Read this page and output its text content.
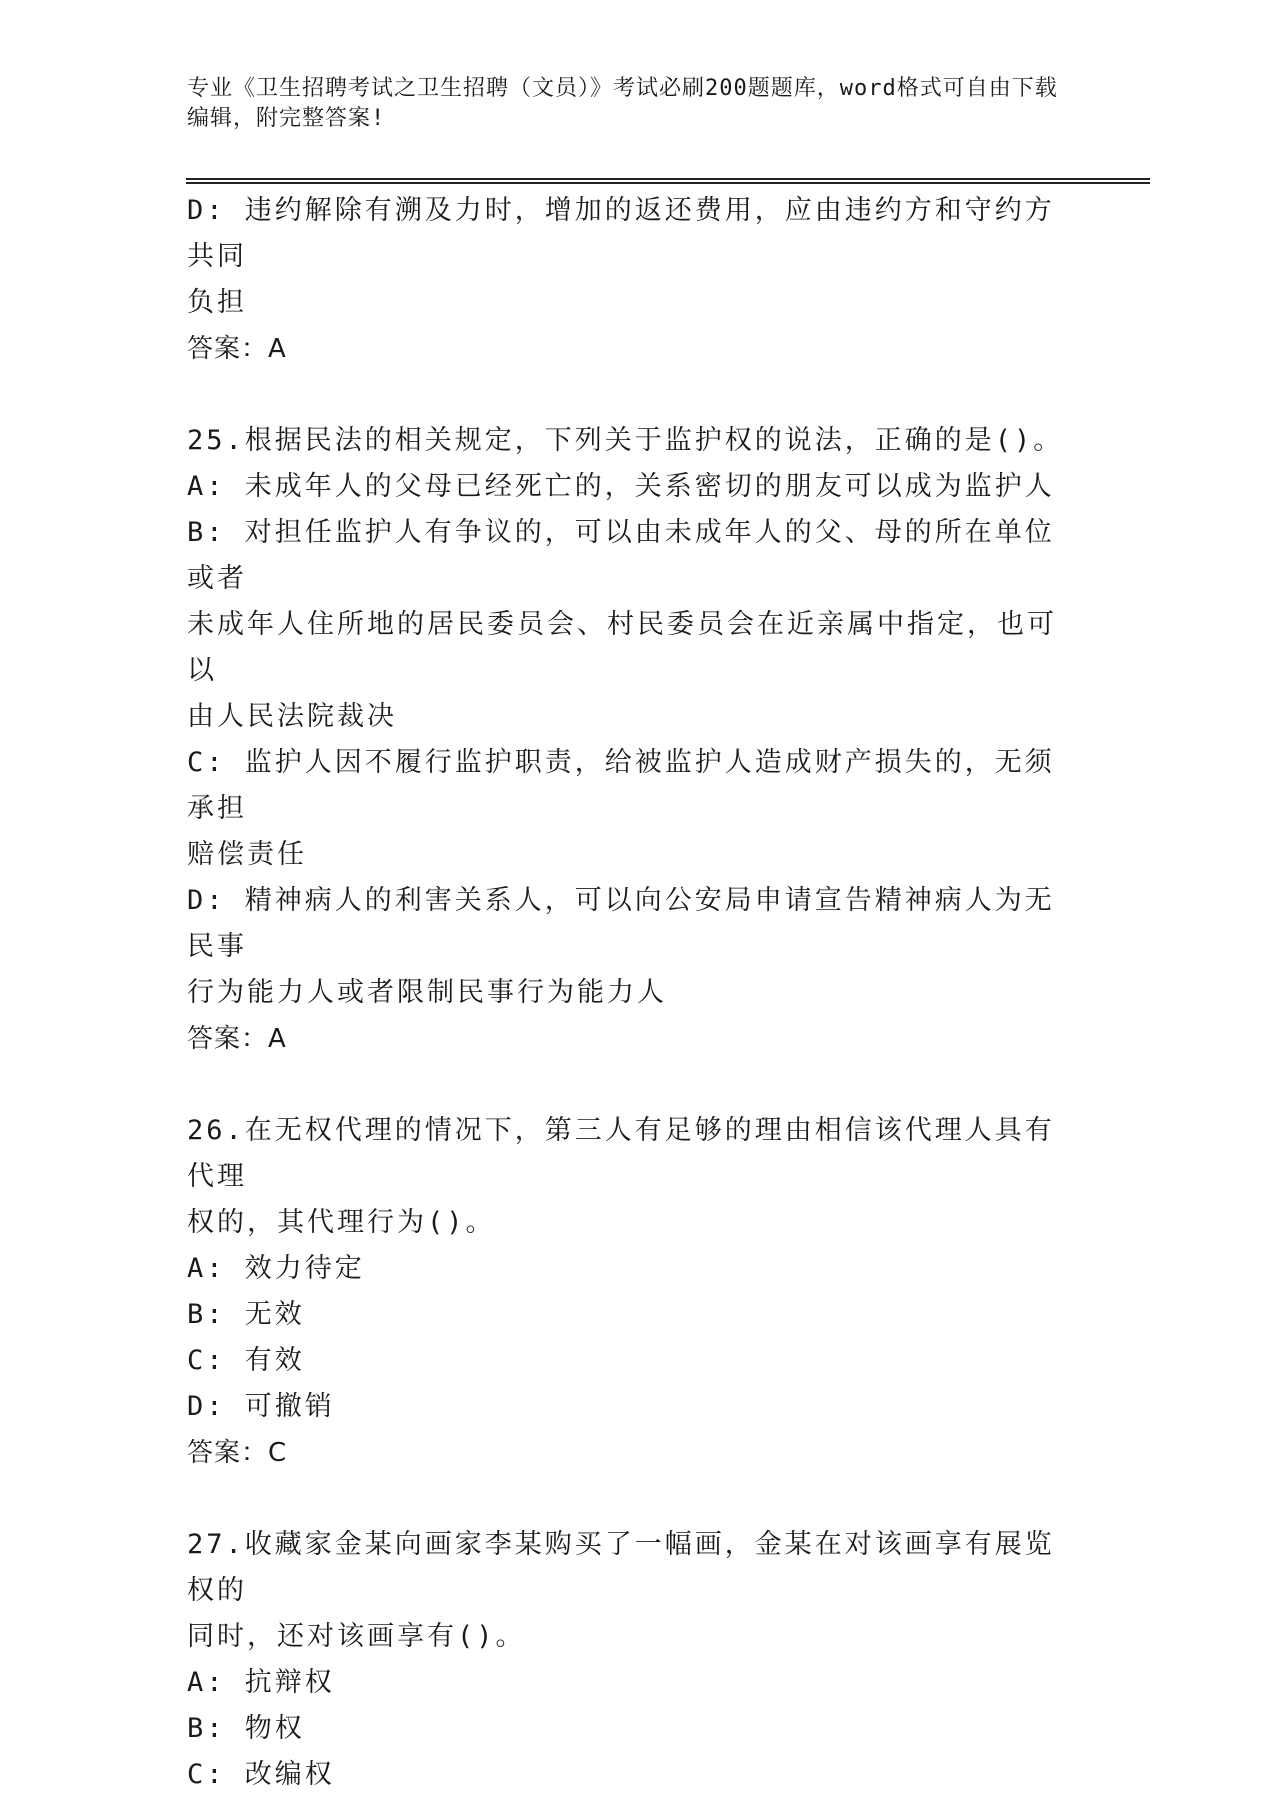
专业《卫生招聘考试之卫生招聘（文员）》考试必刷200题题库，word格式可自由下载编辑，附完整答案!
D: 违约解除有溯及力时，增加的返还费用，应由违约方和守约方共同
负担
答案：A
25.根据民法的相关规定，下列关于监护权的说法，正确的是()。
A: 未成年人的父母已经死亡的，关系密切的朋友可以成为监护人
B: 对担任监护人有争议的，可以由未成年人的父、母的所在单位或者
未成年人住所地的居民委员会、村民委员会在近亲属中指定，也可以
由人民法院裁决
C: 监护人因不履行监护职责，给被监护人造成财产损失的，无须承担
赔偿责任
D: 精神病人的利害关系人，可以向公安局申请宣告精神病人为无民事
行为能力人或者限制民事行为能力人
答案：A
26.在无权代理的情况下，第三人有足够的理由相信该代理人具有代理
权的，其代理行为()。
A: 效力待定
B: 无效
C: 有效
D: 可撤销
答案：C
27.收藏家金某向画家李某购买了一幅画，金某在对该画享有展览权的
同时，还对该画享有()。
A: 抗辩权
B: 物权
C: 改编权
